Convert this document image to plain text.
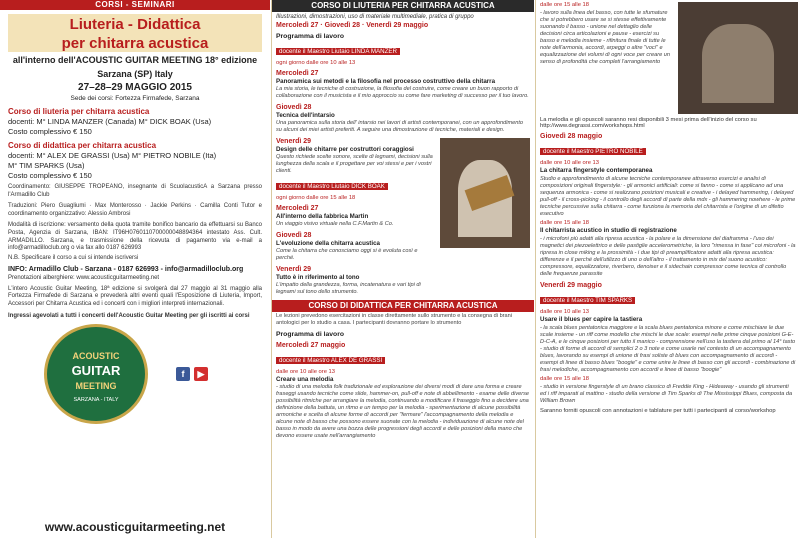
CORSI - SEMINARI
Liuteria - Didattica
per chitarra acustica
all'interno dell'ACOUSTIC GUITAR MEETING 18° edizione
Sarzana (SP) Italy
27–28–29 MAGGIO 2015
Sede dei corsi: Fortezza Firmafede, Sarzana
Corso di liuteria per chitarra acustica
docenti: M° LINDA MANZER (Canada) M° DICK BOAK (Usa)
Costo complessivo € 150
Corso di didattica per chitarra acustica
docenti: M° ALEX DE GRASSI (Usa) M° PIETRO NOBILE (Ita)
M° TIM SPARKS (Usa)
Costo complessivo € 150
Coordinamento: GIUSEPPE TROPEANO, insegnante di ScuolacusticA a Sarzana presso l'Armadillo Club
Traduzioni: Piero Guagliumi · Max Monterosso · Jackie Perkins · Camilla Conti Tutor e coordinamento organizzativo: Alessio Ambrosi
Modalità di iscrizione: versamento della quota tramite bonifico bancario da effettuarsi su Banco Posta, Agenzia di Sarzana, IBAN: IT96H0760110700000048894364 intestato Ass. Cult. ARMADILLO. Sarzana, e trasmissione della ricevuta di pagamento via e-mail a info@armadilloclub.org o via fax allo 0187 626993
N.B. Specificare il corso a cui si intende iscriversi
INFO: Armadillo Club - Sarzana - 0187 626993 - info@armadilloclub.org
Prenotazioni alberghiere: www.acousticguitarmeeting.net
L'intero Acoustic Guitar Meeting, 18ª edizione si svolgerà dal 27 maggio al 31 maggio alla Fortezza Firmafede di Sarzana e prevederà altri eventi quali l'Esposizione di Liuteria, Import, Accessori per Chitarra Acustica ed i concerti con i migliori interpreti internazionali.
Ingressi agevolati a tutti i concerti dell'Acoustic Guitar Meeting per gli iscritti ai corsi
ACOUSTIC
GUITAR
MEETING
SARZANA - ITALY
f	▶
www.acousticguitarmeeting.net
CORSO DI LIUTERIA PER CHITARRA ACUSTICA
Illustrazioni, dimostrazioni, uso di materiale multimediale, pratica di gruppo
Mercoledì 27 · Giovedì 28 · Venerdì 29 maggio
Programma di lavoro
docente il Maestro Liutaio LINDA MANZER
ogni giorno dalle ore 10 alle 13
Mercoledì 27
Panoramica sui metodi e la filosofia nel processo costruttivo della chitarra
La mia storia, le tecniche di costruzione, la filosofia del costruire, come creare un buon rapporto di collaborazione con il musicista e il mio approccio su come fare marketing di successo per il tuo lavoro.
Giovedì 28
Tecnica dell'intarsio
Una panoramica sulla storia dell' intarsio nei lavori di artisti contemporanei, con un approfondimento su alcuni dei miei artisti preferiti. A seguire una dimostrazione di tecniche, materiali e design.
Venerdì 29
Design delle chitarre per costruttori coraggiosi
Questo richiede scelte sonore, scelte di legnami, decisioni sulla lunghezza della scala e il progettare per voi stessi e per i vostri clienti.
docente il Maestro Liutaio DICK BOAK
ogni giorno dalle ore 15 alle 18
Mercoledì 27
All'interno della fabbrica Martin
Un viaggio visivo virtuale nella C.F.Martin & Co.
Giovedì 28
L'evoluzione della chitarra acustica
Come la chitarra che conosciamo oggi si è evoluta così e perché.
Venerdì 29
Tutto è in riferimento al tono
L'impatto della grandezza, forma, incatenatura e vari tipi di legnami sul tono dello strumento.
CORSO DI DIDATTICA PER CHITARRA ACUSTICA
Le lezioni prevedono esercitazioni in classe direttamente sullo strumento e la consegna di brani antologici per lo studio a casa. I partecipanti dovranno portare lo strumento
Programma di lavoro
Mercoledì 27 maggio
docente il Maestro ALEX DE GRASSI
dalle ore 10 alle ore 13
Creare una melodia
- studio di una melodia folk tradizionale ed esplorazione dei diversi modi di dare una forma e creare fraseggi usando tecniche come slide, hammer-on, pull-off e note di abbellimento - esame delle diverse possibilità ritmiche per arrangiare la melodia, continuando a modificare il fraseggio fino a decidere una definizione della battuta, un ritmo e un tempo per la melodia - sperimentazione di alcune possibilità armoniche e scelta di alcune forme di accordi per "fermare" l'accompagnamento della melodia e alcune note di basso che possono essere suonate con la melodia - individuazione di alcune note del basso in modo da avere una bozza delle progressioni degli accordi e delle posizioni della mano che devono essere usate nell'arrangiamento
dalle ore 15 alle 18
- lavoro sulla linea del basso, con tutte le sfumature che si potrebbero usare se si stesse effettivamente suonando il basso - unione nel dettaglio delle decisioni circa articolazioni e pause - esercizi su basso e melodia insieme - rifinitura finale di tutte le note dell'armonia, accordi, arpeggi o altre "voci" e equalizzazione dei volumi di ogni voce per creare un senso di profondità che completi l'arrangiamento
La melodia e gli opuscoli saranno resi disponibili 3 mesi prima dell'inizio del corso su http://www.degrassi.com/workshops.html
Giovedì 28 maggio
docente il Maestro PIETRO NOBILE
dalle ore 10 alle ore 13
La chitarra fingerstyle contemporanea
Studio e approfondimento di alcune tecniche contemporanee attraverso esercizi e analisi di composizioni originali fingerstyle: - gli armonici artificiali: come si fanno - come si applicano ad una sequenza armonica - come si realizzano posizioni musicali e creative - i delayed hammering, i delayed pull-off - il cross-picking - il controllo degli accordi di parte della mdx - gli hammering nowhere - le prime tecniche percussive sulla chitarra - come funziona la memoria del chitarrista e l'origine di un difetto esecutivo
dalle ore 15 alle 18
Il chitarrista acustico in studio di registrazione
- i microfoni più adatti alla ripresa acustica - la polare e la dimensione del diaframma - l'uso dei magnetici dei piezoelettrico e delle pastiglie accelerometriche, la loro "rimessa in fase" coi microfoni - la ripresa in close miking e la prossimità - i due tipi di preamplificatore adatti alla ripresa acustica: differenze e il perché dell'utilizzo di uno o dell'altro - il trattamento in mix del suono acustico: compressore, equalizzatore, riverbero, denoiser e il sidechain compressor come tecnica di controllo delle frequenze parassite
Venerdì 29 maggio
docente il Maestro TIM SPARKS
dalle ore 10 alle 13
Usare il blues per capire la tastiera
- la scala blues pentatonica maggiore e la scala blues pentatonica minore e come mischiare le due scale insieme - un riff come modello che mischi le due scale: esempi nelle prime cinque posizioni G-E-D-C-A, e le cinque posizioni per tutto il manico - comprensione nell'uso la tastiera dal primo al 14° tasto - studio di forme di accordi di semplici 2 o 3 note e come usarle nel contesto di un accompagnamento blues, lavorando su esempi di unione di frasi soliste di blues con accompagnamento di accordi - esempi di linee di basso blues "boogie" e come unire le linee di basso con gli accordi - combinazione di frasi melodiche, accompagnamento con accordi e linee di basso "boogie"
dalle ore 15 alle 18
- studio in versione fingerstyle di un brano classico di Freddie King - Hideaway - usando gli strumenti ed i riff imparati al mattino - studio della versione di Tim Sparks di The Mississippi Blues, composta da William Brown
Saranno forniti opuscoli con annotazioni e tablature per tutti i partecipanti al corso/workshop
